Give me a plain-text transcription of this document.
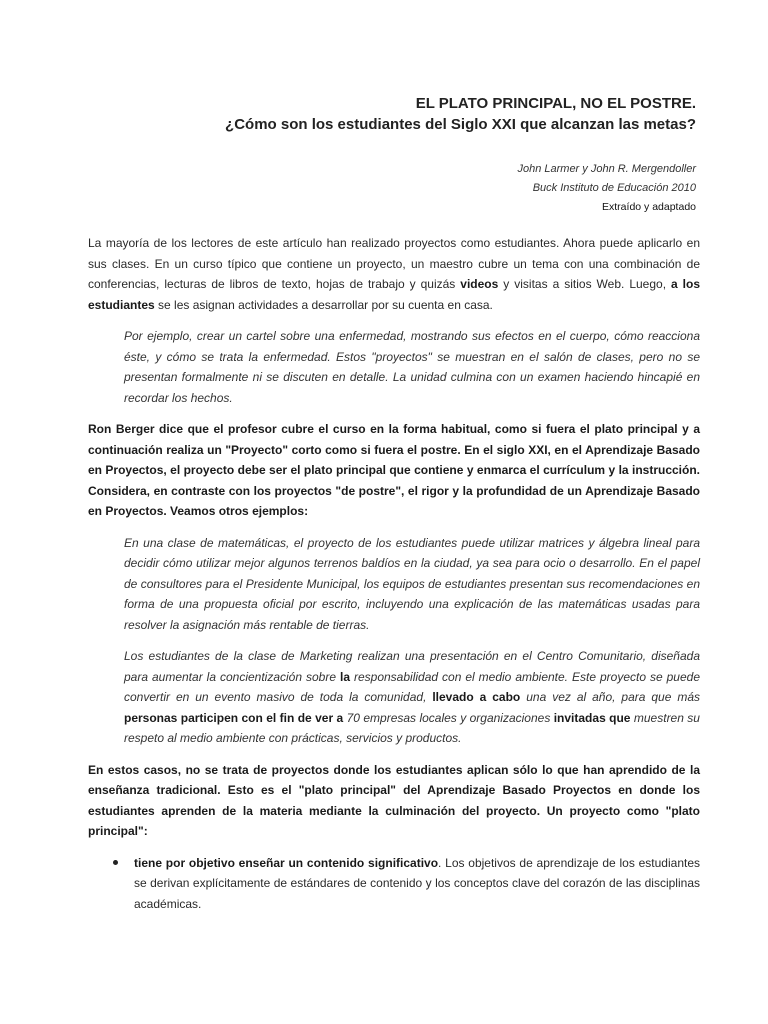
EL PLATO PRINCIPAL, NO EL POSTRE.

¿Cómo son los estudiantes del Siglo XXI que alcanzan las metas?

John Larmer y John R. Mergendoller
Buck Instituto de Educación 2010
Extraído y adaptado

La mayoría de los lectores de este artículo han realizado proyectos como estudiantes. Ahora puede aplicarlo en sus clases. En un curso típico que contiene un proyecto, un maestro cubre un tema con una combinación de conferencias, lecturas de libros de texto, hojas de trabajo y quizás videos y visitas a sitios Web. Luego, a los estudiantes se les asignan actividades a desarrollar por su cuenta en casa.

Por ejemplo, crear un cartel sobre una enfermedad, mostrando sus efectos en el cuerpo, cómo reacciona éste, y cómo se trata la enfermedad. Estos "proyectos" se muestran en el salón de clases, pero no se presentan formalmente ni se discuten en detalle. La unidad culmina con un examen haciendo hincapié en recordar los hechos.

Ron Berger dice que el profesor cubre el curso en la forma habitual, como si fuera el plato principal y a continuación realiza un "Proyecto" corto como si fuera el postre. En el siglo XXI, en el Aprendizaje Basado en Proyectos, el proyecto debe ser el plato principal que contiene y enmarca el currículum y la instrucción. Considera, en contraste con los proyectos "de postre", el rigor y la profundidad de un Aprendizaje Basado en Proyectos. Veamos otros ejemplos:

En una clase de matemáticas, el proyecto de los estudiantes puede utilizar matrices y álgebra lineal para decidir cómo utilizar mejor algunos terrenos baldíos en la ciudad, ya sea para ocio o desarrollo. En el papel de consultores para el Presidente Municipal, los equipos de estudiantes presentan sus recomendaciones en forma de una propuesta oficial por escrito, incluyendo una explicación de las matemáticas usadas para resolver la asignación más rentable de tierras.

Los estudiantes de la clase de Marketing realizan una presentación en el Centro Comunitario, diseñada para aumentar la concientización sobre la responsabilidad con el medio ambiente. Este proyecto se puede convertir en un evento masivo de toda la comunidad, llevado a cabo una vez al año, para que más personas participen con el fin de ver a 70 empresas locales y organizaciones invitadas que muestren su respeto al medio ambiente con prácticas, servicios y productos.

En estos casos, no se trata de proyectos donde los estudiantes aplican sólo lo que han aprendido de la enseñanza tradicional. Esto es el "plato principal" del Aprendizaje Basado Proyectos en donde los estudiantes aprenden de la materia mediante la culminación del proyecto. Un proyecto como "plato principal":

tiene por objetivo enseñar un contenido significativo. Los objetivos de aprendizaje de los estudiantes se derivan explícitamente de estándares de contenido y los conceptos clave del corazón de las disciplinas académicas.
